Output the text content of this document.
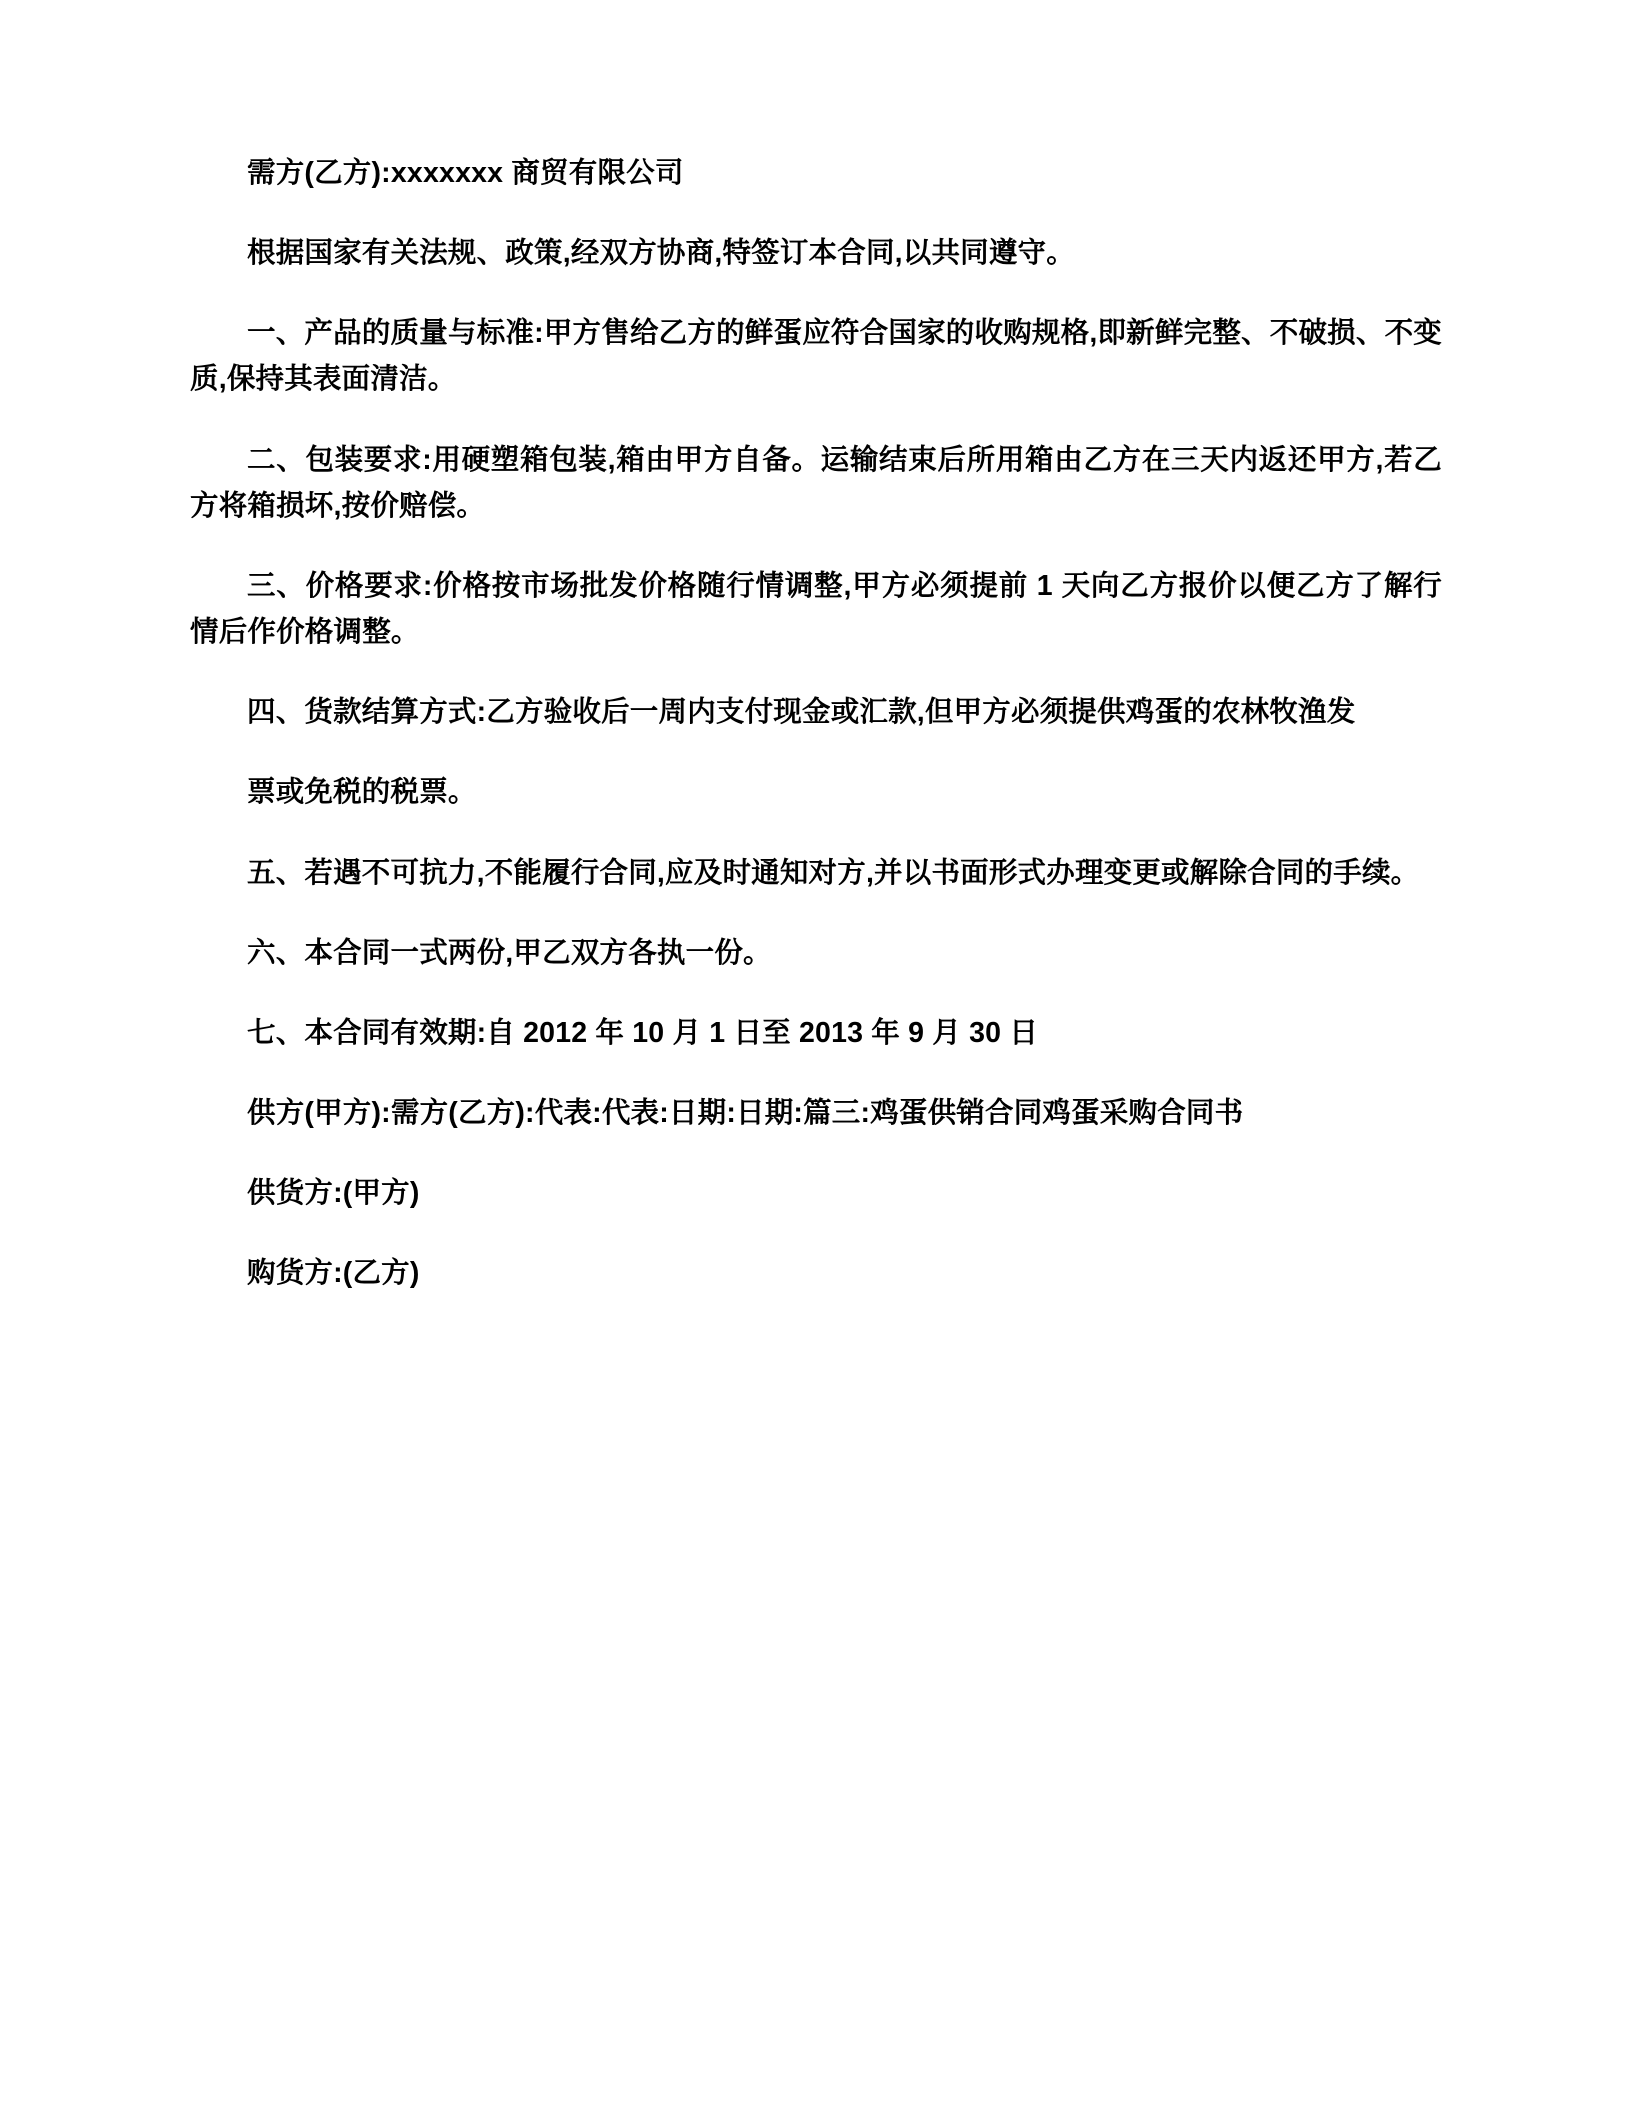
需方(乙方):xxxxxxx 商贸有限公司

根据国家有关法规、政策,经双方协商,特签订本合同,以共同遵守。

一、产品的质量与标准:甲方售给乙方的鲜蛋应符合国家的收购规格,即新鲜完整、不破损、不变质,保持其表面清洁。

二、包装要求:用硬塑箱包装,箱由甲方自备。运输结束后所用箱由乙方在三天内返还甲方,若乙方将箱损坏,按价赔偿。

三、价格要求:价格按市场批发价格随行情调整,甲方必须提前 1 天向乙方报价以便乙方了解行情后作价格调整。

四、货款结算方式:乙方验收后一周内支付现金或汇款,但甲方必须提供鸡蛋的农林牧渔发

票或免税的税票。

五、若遇不可抗力,不能履行合同,应及时通知对方,并以书面形式办理变更或解除合同的手续。

六、本合同一式两份,甲乙双方各执一份。

七、本合同有效期:自 2012 年 10 月 1 日至 2013 年 9 月 30 日

供方(甲方):需方(乙方):代表:代表:日期:日期:篇三:鸡蛋供销合同鸡蛋采购合同书

供货方:(甲方)

购货方:(乙方)
